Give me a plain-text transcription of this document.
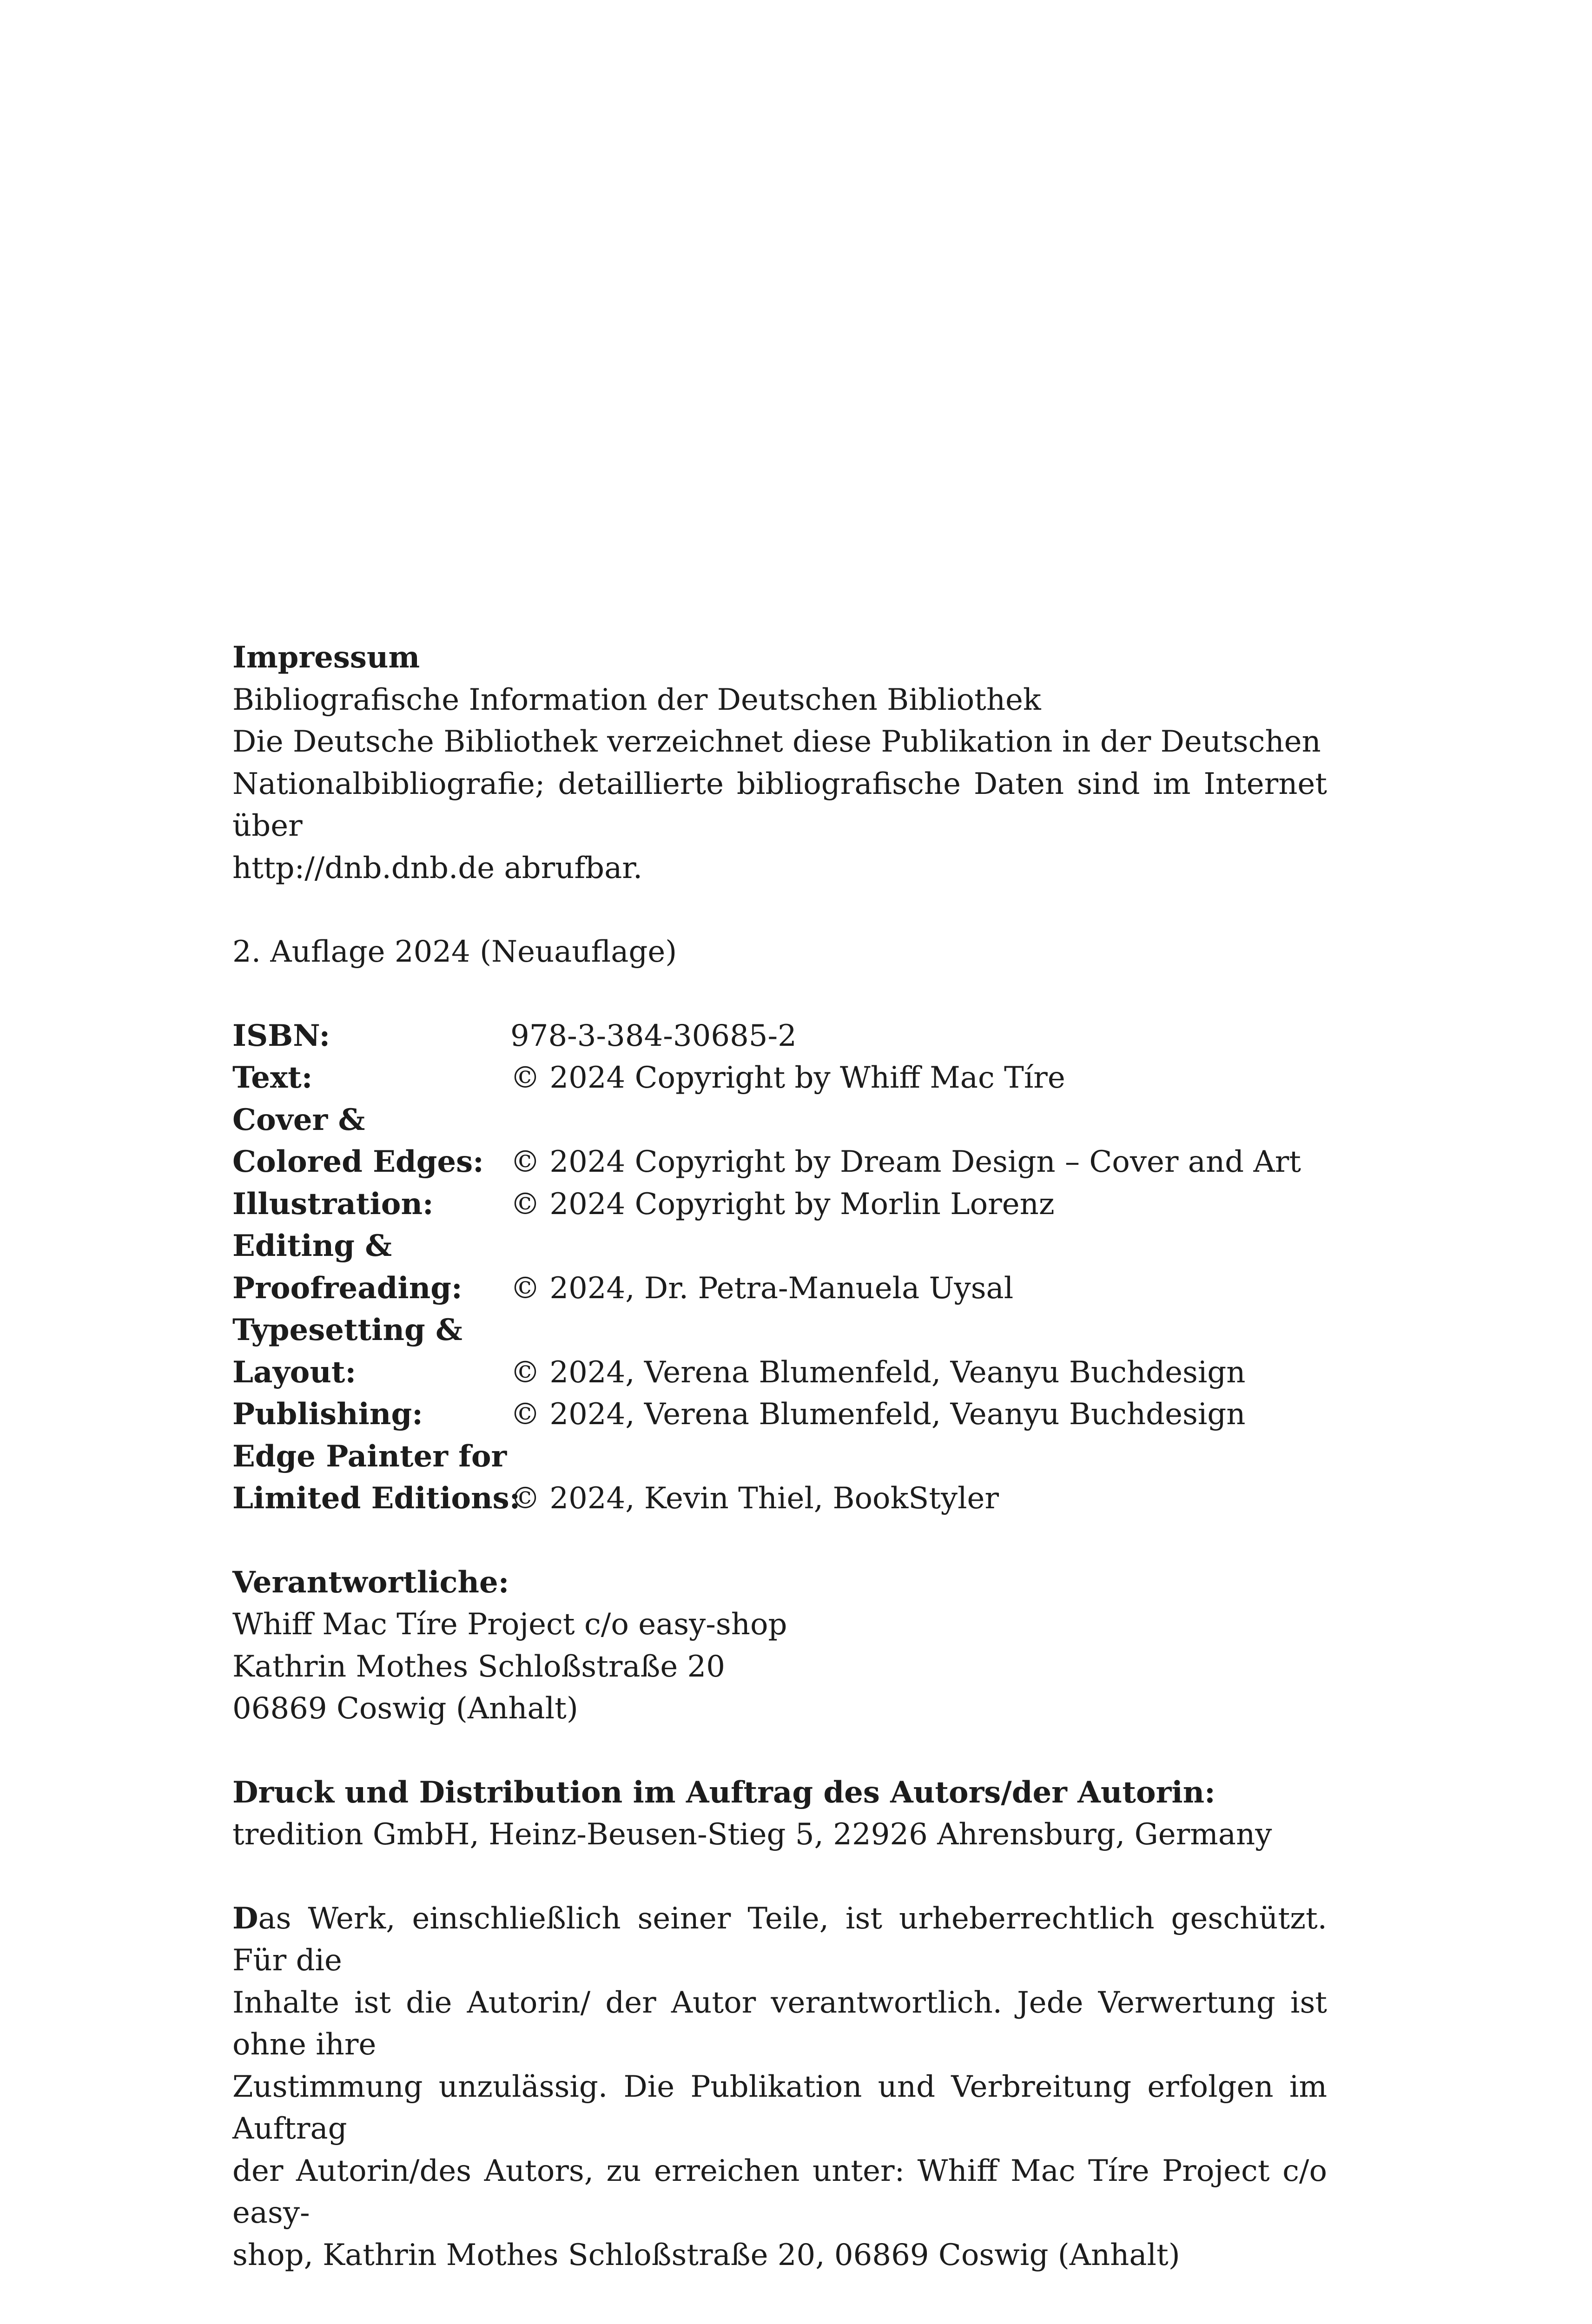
Impressum
Bibliografische Information der Deutschen Bibliothek
Die Deutsche Bibliothek verzeichnet diese Publikation in der Deutschen
Nationalbibliografie; detaillierte bibliografische Daten sind im Internet über
http://dnb.dnb.de abrufbar.
2. Auflage 2024 (Neuauflage)
ISBN:	978-3-384-30685-2
Text:	© 2024 Copyright by Whiff Mac Tíre
Cover &
Colored Edges: © 2024 Copyright by Dream Design – Cover and Art
Illustration:	© 2024 Copyright by Morlin Lorenz
Editing &
Proofreading:	© 2024, Dr. Petra-Manuela Uysal
Typesetting &
Layout:	© 2024, Verena Blumenfeld, Veanyu Buchdesign
Publishing:	© 2024, Verena Blumenfeld, Veanyu Buchdesign
Edge Painter for
Limited Editions:
© 2024, Kevin Thiel, BookStyler
Verantwortliche:
Whiff Mac Tíre Project c/o easy-shop
Kathrin Mothes Schloßstraße 20
06869 Coswig (Anhalt)
Druck und Distribution im Auftrag des Autors/der Autorin:
tredition GmbH, Heinz-Beusen-Stieg 5, 22926 Ahrensburg, Germany
Das Werk, einschließlich seiner Teile, ist urheberrechtlich geschützt. Für die
Inhalte ist die Autorin/ der Autor verantwortlich. Jede Verwertung ist ohne ihre
Zustimmung unzulässig. Die Publikation und Verbreitung erfolgen im Auftrag
der Autorin/des Autors, zu erreichen unter: Whiff Mac Tíre Project c/o easy-
shop, Kathrin Mothes Schloßstraße 20, 06869 Coswig (Anhalt)
